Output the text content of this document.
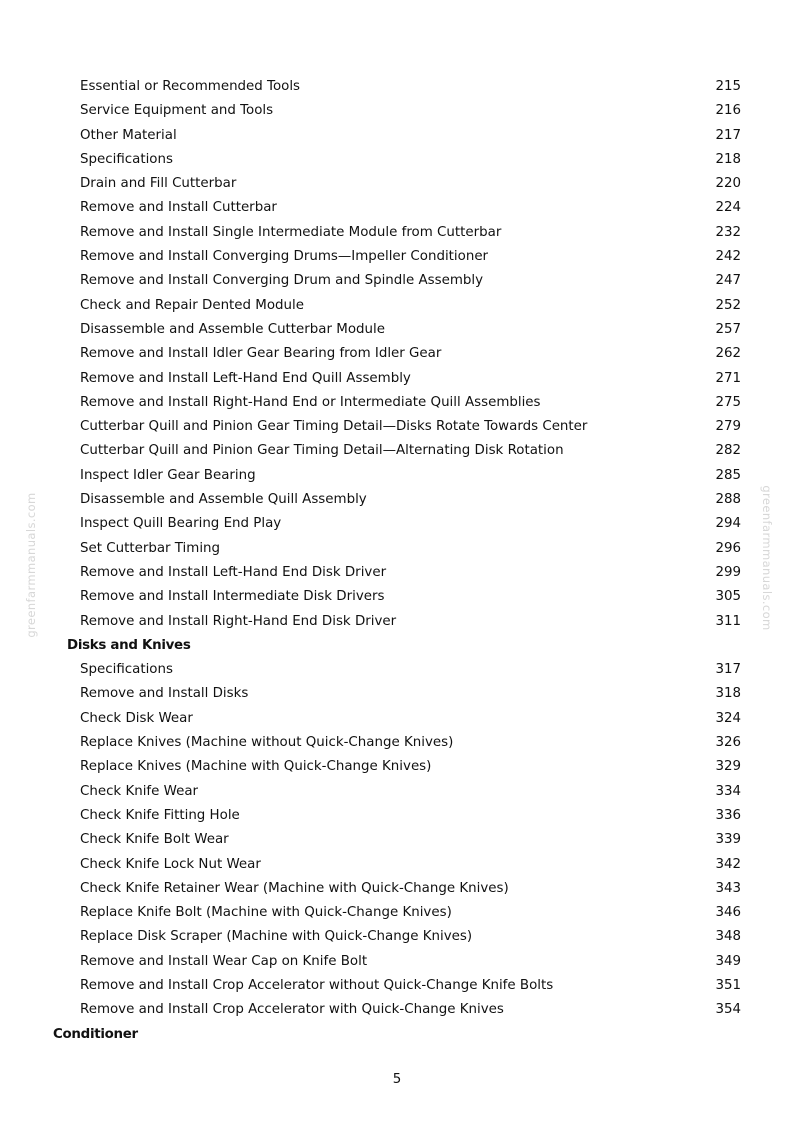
greenfarmmanuals.com	greenfarmmanuals.com
Essential or Recommended Tools	215
Service Equipment and Tools	216
Other Material	217
Specifications	218
Drain and Fill Cutterbar	220
Remove and Install Cutterbar	224
Remove and Install Single Intermediate Module from Cutterbar	232
Remove and Install Converging Drums—Impeller Conditioner	242
Remove and Install Converging Drum and Spindle Assembly	247
Check and Repair Dented Module	252
Disassemble and Assemble Cutterbar Module	257
Remove and Install Idler Gear Bearing from Idler Gear	262
Remove and Install Left-Hand End Quill Assembly	271
Remove and Install Right-Hand End or Intermediate Quill Assemblies	275
Cutterbar Quill and Pinion Gear Timing Detail—Disks Rotate Towards Center	279
Cutterbar Quill and Pinion Gear Timing Detail—Alternating Disk Rotation	282
Inspect Idler Gear Bearing	285
Disassemble and Assemble Quill Assembly	288
Inspect Quill Bearing End Play	294
Set Cutterbar Timing	296
Remove and Install Left-Hand End Disk Driver	299
Remove and Install Intermediate Disk Drivers	305
Remove and Install Right-Hand End Disk Driver	311
Disks and Knives
Specifications	317
Remove and Install Disks	318
Check Disk Wear	324
Replace Knives (Machine without Quick-Change Knives)	326
Replace Knives (Machine with Quick-Change Knives)	329
Check Knife Wear	334
Check Knife Fitting Hole	336
Check Knife Bolt Wear	339
Check Knife Lock Nut Wear	342
Check Knife Retainer Wear (Machine with Quick-Change Knives)	343
Replace Knife Bolt (Machine with Quick-Change Knives)	346
Replace Disk Scraper (Machine with Quick-Change Knives)	348
Remove and Install Wear Cap on Knife Bolt	349
Remove and Install Crop Accelerator without Quick-Change Knife Bolts	351
Remove and Install Crop Accelerator with Quick-Change Knives	354
Conditioner
5
